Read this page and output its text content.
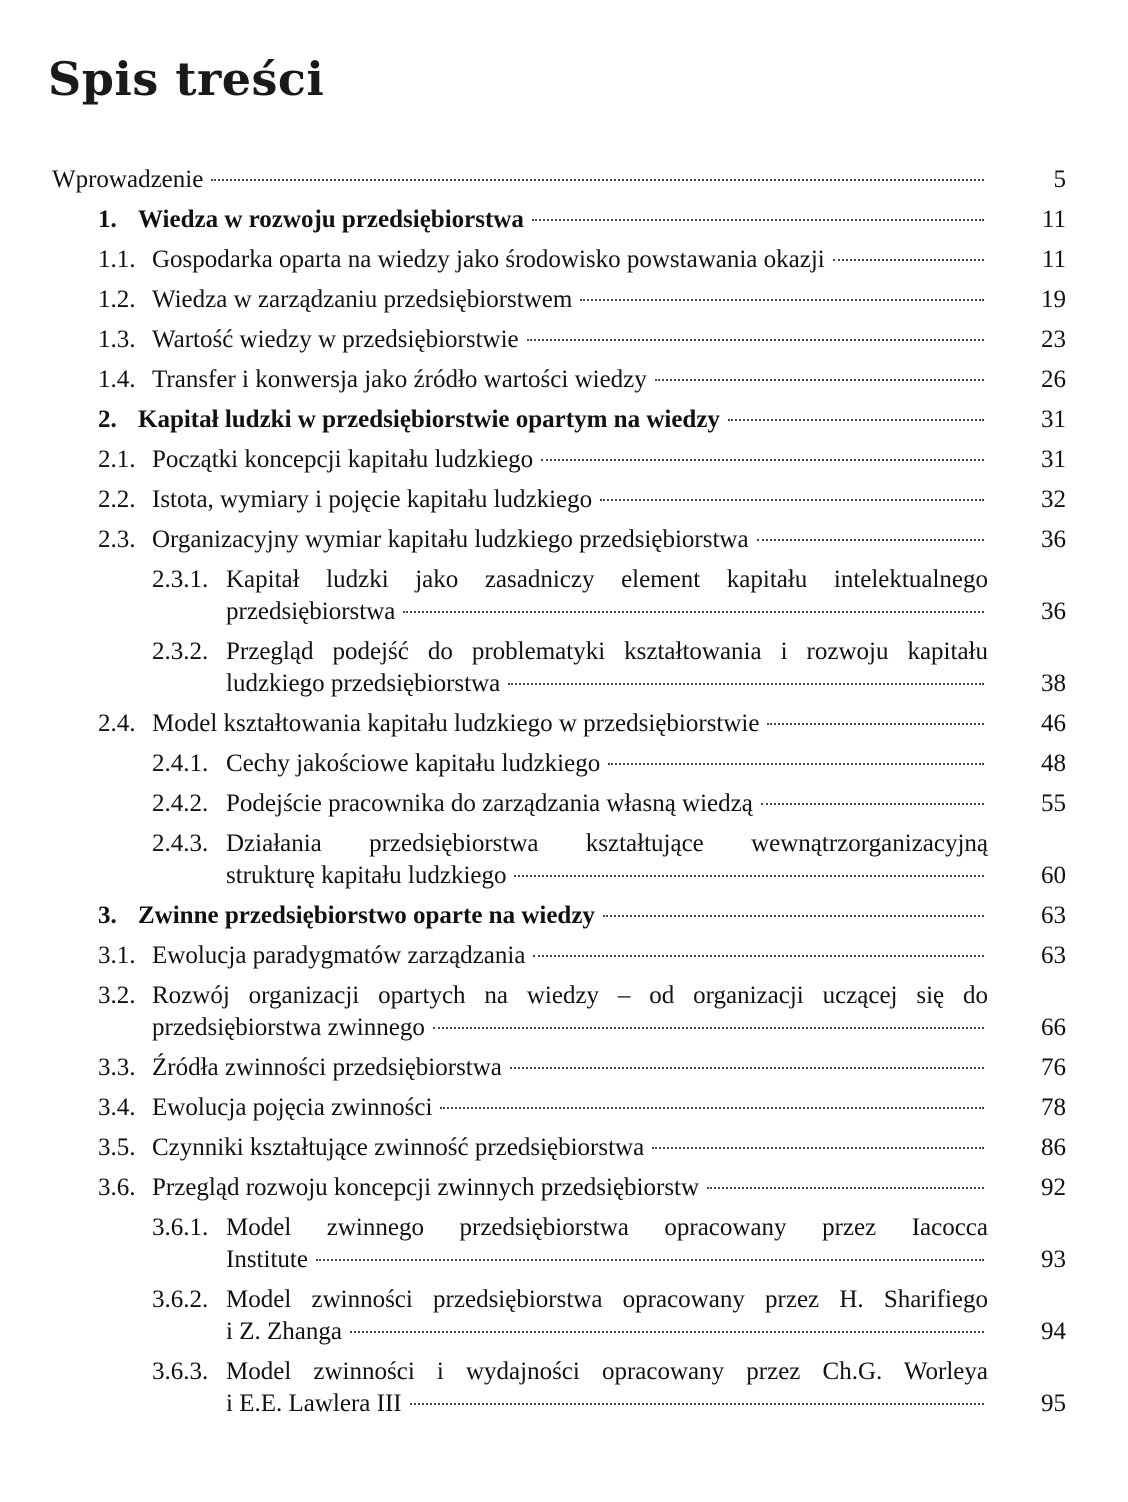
Spis treści
Wprowadzenie	5
1. Wiedza w rozwoju przedsiębiorstwa	11
1.1. Gospodarka oparta na wiedzy jako środowisko powstawania okazji	11
1.2. Wiedza w zarządzaniu przedsiębiorstwem	19
1.3. Wartość wiedzy w przedsiębiorstwie	23
1.4. Transfer i konwersja jako źródło wartości wiedzy	26
2. Kapitał ludzki w przedsiębiorstwie opartym na wiedzy	31
2.1. Początki koncepcji kapitału ludzkiego	31
2.2. Istota, wymiary i pojęcie kapitału ludzkiego	32
2.3. Organizacyjny wymiar kapitału ludzkiego przedsiębiorstwa	36
2.3.1. Kapitał ludzki jako zasadniczy element kapitału intelektualnego
przedsiębiorstwa	36
2.3.2. Przegląd podejść do problematyki kształtowania i rozwoju kapitału
ludzkiego przedsiębiorstwa	38
2.4. Model kształtowania kapitału ludzkiego w przedsiębiorstwie	46
2.4.1. Cechy jakościowe kapitału ludzkiego	48
2.4.2. Podejście pracownika do zarządzania własną wiedzą	55
2.4.3. Działania przedsiębiorstwa kształtujące wewnątrzorganizacyjną
strukturę kapitału ludzkiego	60
3. Zwinne przedsiębiorstwo oparte na wiedzy	63
3.1. Ewolucja paradygmatów zarządzania	63
3.2. Rozwój organizacji opartych na wiedzy – od organizacji uczącej się do
przedsiębiorstwa zwinnego	66
3.3. Źródła zwinności przedsiębiorstwa	76
3.4. Ewolucja pojęcia zwinności	78
3.5. Czynniki kształtujące zwinność przedsiębiorstwa	86
3.6. Przegląd rozwoju koncepcji zwinnych przedsiębiorstw	92
3.6.1. Model zwinnego przedsiębiorstwa opracowany przez Iacocca
Institute	93
3.6.2. Model zwinności przedsiębiorstwa opracowany przez H. Sharifiego
i Z. Zhanga	94
3.6.3. Model zwinności i wydajności opracowany przez Ch.G. Worleya
i E.E. Lawlera III	95
